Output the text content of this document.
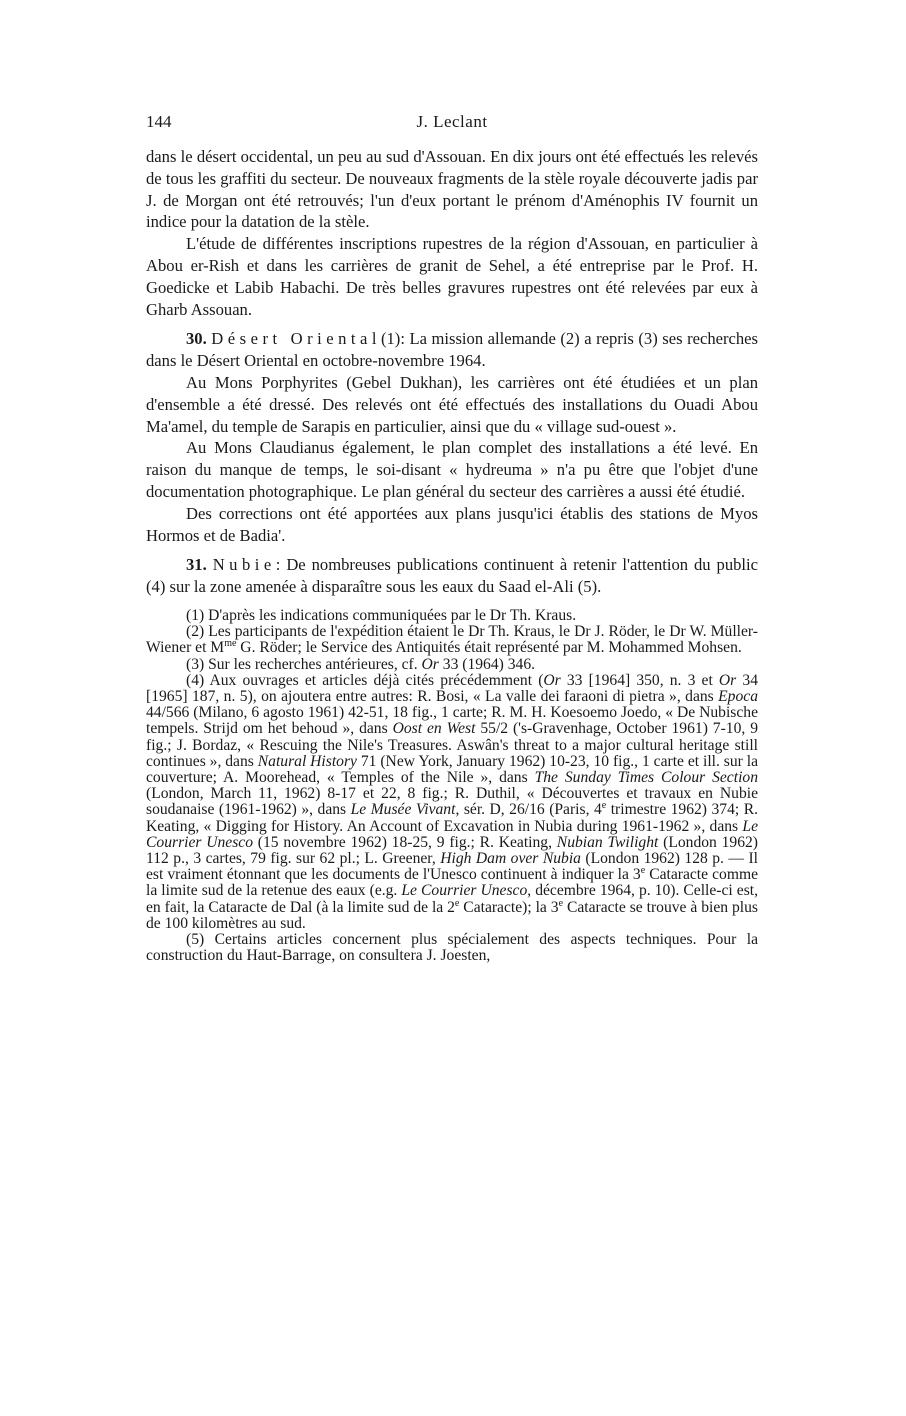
144	J. Leclant

dans le désert occidental, un peu au sud d'Assouan. En dix jours ont été effectués les relevés de tous les graffiti du secteur. De nouveaux fragments de la stèle royale découverte jadis par J. de Morgan ont été retrouvés; l'un d'eux portant le prénom d'Aménophis IV fournit un indice pour la datation de la stèle.

L'étude de différentes inscriptions rupestres de la région d'Assouan, en particulier à Abou er-Rish et dans les carrières de granit de Sehel, a été entreprise par le Prof. H. Goedicke et Labib Habachi. De très belles gravures rupestres ont été relevées par eux à Gharb Assouan.

30. Désert Oriental(1): La mission allemande (2) a repris (3) ses recherches dans le Désert Oriental en octobre-novembre 1964.

Au Mons Porphyrites (Gebel Dukhan), les carrières ont été étudiées et un plan d'ensemble a été dressé. Des relevés ont été effectués des installations du Ouadi Abou Ma'amel, du temple de Sarapis en particulier, ainsi que du « village sud-ouest ».

Au Mons Claudianus également, le plan complet des installations a été levé. En raison du manque de temps, le soi-disant « hydreuma » n'a pu être que l'objet d'une documentation photographique. Le plan général du secteur des carrières a aussi été étudié.

Des corrections ont été apportées aux plans jusqu'ici établis des stations de Myos Hormos et de Badia'.

31. Nubie: De nombreuses publications continuent à retenir l'attention du public (4) sur la zone amenée à disparaître sous les eaux du Saad el-Ali (5).

(1) D'après les indications communiquées par le Dr Th. Kraus.

(2) Les participants de l'expédition étaient le Dr Th. Kraus, le Dr J. Röder, le Dr W. Müller-Wiener et $M^{me}$ G. Röder; le Service des Antiquités était représenté par M. Mohammed Mohsen.

(3) Sur les recherches antérieures, cf. Or 33 (1964) 346.

(4) Aux ouvrages et articles déjà cités précédemment (Or 33 [1964] 350, n. 3 et Or 34 [1965] 187, n. 5), on ajoutera entre autres: R. Bosi, « La valle dei faraoni di pietra », dans Epoca 44/566 (Milano, 6 agosto 1961) 42-51, 18 fig., 1 carte; R. M. H. Koesoemo Joedo, « De Nubische tempels. Strijd om het behoud », dans Oost en West 55/2 ('s-Gravenhage, October 1961) 7-10, 9 fig.; J. Bordaz, « Rescuing the Nile's Treasures. Aswân's threat to a major cultural heritage still continues », dans Natural History 71 (New York, January 1962) 10-23, 10 fig., 1 carte et ill. sur la couverture; A. Moorehead, « Temples of the Nile », dans The Sunday Times Colour Section (London, March 11, 1962) 8-17 et 22, 8 fig.; R. Duthil, « Découvertes et travaux en Nubie soudanaise (1961-1962) », dans Le Musée Vivant, sér. D, 26/16 (Paris, 4e trimestre 1962) 374; R. Keating, « Digging for History. An Account of Excavation in Nubia during 1961-1962 », dans Le Courrier Unesco (15 novembre 1962) 18-25, 9 fig.; R. Keating, Nubian Twilight (London 1962) 112 p., 3 cartes, 79 fig. sur 62 pl.; L. Greener, High Dam over Nubia (London 1962) 128 p. — Il est vraiment étonnant que les documents de l'Unesco continuent à indiquer la 3e Cataracte comme la limite sud de la retenue des eaux (e.g. Le Courrier Unesco, décembre 1964, p. 10). Celle-ci est, en fait, la Cataracte de Dal (à la limite sud de la 2e Cataracte); la 3e Cataracte se trouve à bien plus de 100 kilomètres au sud.

(5) Certains articles concernent plus spécialement des aspects techniques. Pour la construction du Haut-Barrage, on consultera J. Joesten,
